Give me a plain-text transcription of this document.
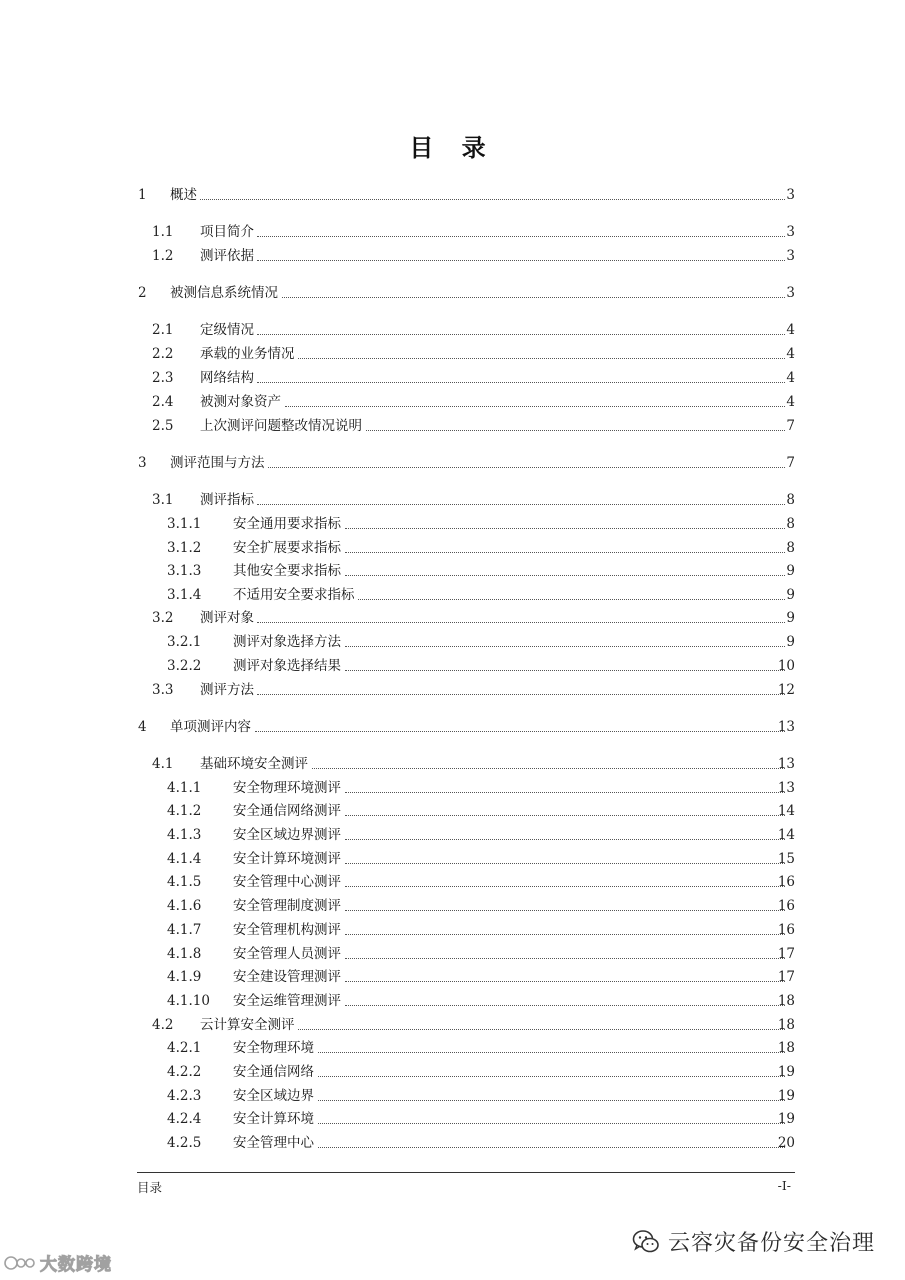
目 录
1 概述	3
1.1 项目简介	3
1.2 测评依据	3
2 被测信息系统情况	3
2.1 定级情况	4
2.2 承载的业务情况	4
2.3 网络结构	4
2.4 被测对象资产	4
2.5 上次测评问题整改情况说明	7
3 测评范围与方法	7
3.1 测评指标	8
3.1.1 安全通用要求指标	8
3.1.2 安全扩展要求指标	8
3.1.3 其他安全要求指标	9
3.1.4 不适用安全要求指标	9
3.2 测评对象	9
3.2.1 测评对象选择方法	9
3.2.2 测评对象选择结果	10
3.3 测评方法	12
4 单项测评内容	13
4.1 基础环境安全测评	13
4.1.1 安全物理环境测评	13
4.1.2 安全通信网络测评	14
4.1.3 安全区域边界测评	14
4.1.4 安全计算环境测评	15
4.1.5 安全管理中心测评	16
4.1.6 安全管理制度测评	16
4.1.7 安全管理机构测评	16
4.1.8 安全管理人员测评	17
4.1.9 安全建设管理测评	17
4.1.10 安全运维管理测评	18
4.2 云计算安全测评	18
4.2.1 安全物理环境	18
4.2.2 安全通信网络	19
4.2.3 安全区域边界	19
4.2.4 安全计算环境	19
4.2.5 安全管理中心	20
目录	-I-
云容灾备份安全治理
大数跨境
